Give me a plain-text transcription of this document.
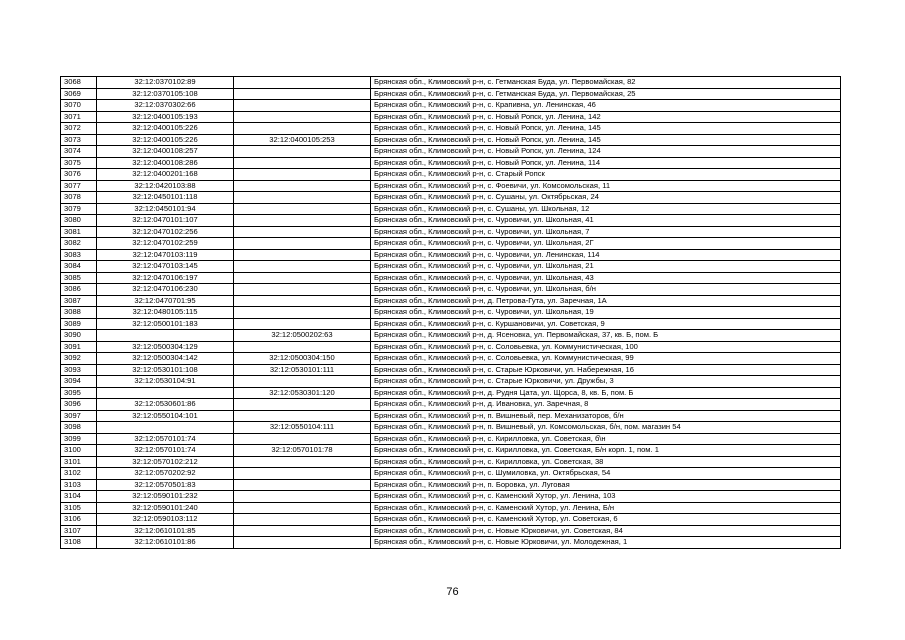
3068	32:12:0370102:89		Брянская обл., Климовский р-н, с. Гетманская Буда, ул. Первомайская, 82
3069	32:12:0370105:108		Брянская обл., Климовский р-н, с. Гетманская Буда, ул. Первомайская, 25
3070	32:12:0370302:66		Брянская обл., Климовский р-н, с. Крапивна, ул. Ленинская, 46
3071	32:12:0400105:193		Брянская обл., Климовский р-н, с. Новый Ропск, ул. Ленина, 142
3072	32:12:0400105:226		Брянская обл., Климовский р-н, с. Новый Ропск, ул. Ленина, 145
3073	32:12:0400105:226	32:12:0400105:253	Брянская обл., Климовский р-н, с. Новый Ропск, ул. Ленина, 145
3074	32:12:0400108:257		Брянская обл., Климовский р-н, с. Новый Ропск, ул. Ленина, 124
3075	32:12:0400108:286		Брянская обл., Климовский р-н, с. Новый Ропск, ул. Ленина, 114
3076	32:12:0400201:168		Брянская обл., Климовский р-н, с. Старый Ропск
3077	32:12:0420103:88		Брянская обл., Климовский р-н, с. Фоевичи, ул. Комсомольская, 11
3078	32:12:0450101:118		Брянская обл., Климовский р-н, с. Сушаны, ул. Октябрьская, 24
3079	32:12:0450101:94		Брянская обл., Климовский р-н, с. Сушаны, ул. Школьная, 12
3080	32:12:0470101:107		Брянская обл., Климовский р-н, с. Чуровичи, ул. Школьная, 41
3081	32:12:0470102:256		Брянская обл., Климовский р-н, с. Чуровичи, ул. Школьная, 7
3082	32:12:0470102:259		Брянская обл., Климовский р-н, с. Чуровичи, ул. Школьная, 2Г
3083	32:12:0470103:119		Брянская обл., Климовский р-н, с. Чуровичи, ул. Ленинская, 114
3084	32:12:0470103:145		Брянская обл., Климовский р-н, с. Чуровичи, ул. Школьная, 21
3085	32:12:0470106:197		Брянская обл., Климовский р-н, с. Чуровичи, ул. Школьная, 43
3086	32:12:0470106:230		Брянская обл., Климовский р-н, с. Чуровичи, ул. Школьная, б/н
3087	32:12:0470701:95		Брянская обл., Климовский р-н, д. Петрова-Гута, ул. Заречная, 1А
3088	32:12:0480105:115		Брянская обл., Климовский р-н, с. Чуровичи, ул. Школьная, 19
3089	32:12:0500101:183		Брянская обл., Климовский р-н, с. Куршановичи, ул. Советская, 9
3090		32:12:0500202:63	Брянская обл., Климовский р-н, д. Ясеновка, ул. Первомайская, 37, кв. Б, пом. Б
3091	32:12:0500304:129		Брянская обл., Климовский р-н, с. Соловьевка, ул. Коммунистическая, 100
3092	32:12:0500304:142	32:12:0500304:150	Брянская обл., Климовский р-н, с. Соловьевка, ул. Коммунистическая, 99
3093	32:12:0530101:108	32:12:0530101:111	Брянская обл., Климовский р-н, с. Старые Юрковичи, ул. Набережная, 16
3094	32:12:0530104:91		Брянская обл., Климовский р-н, с. Старые Юрковичи, ул. Дружбы, 3
3095		32:12:0530301:120	Брянская обл., Климовский р-н, д. Рудня Цата, ул. Щорса, 8, кв. Б, пом. Б
3096	32:12:0530601:86		Брянская обл., Климовский р-н, д. Ивановка, ул. Заречная, 8
3097	32:12:0550104:101		Брянская обл., Климовский р-н, п. Вишневый, пер. Механизаторов, б/н
3098		32:12:0550104:111	Брянская обл., Климовский р-н, п. Вишневый, ул. Комсомольская, б/н, пом. магазин 54
3099	32:12:0570101:74		Брянская обл., Климовский р-н, с. Кирилловка, ул. Советская, б\н
3100	32:12:0570101:74	32:12:0570101:78	Брянская обл., Климовский р-н, с. Кирилловка, ул. Советская, Б/н корп. 1, пом. 1
3101	32:12:0570102:212		Брянская обл., Климовский р-н, с. Кирилловка, ул. Советская, 38
3102	32:12:0570202:92		Брянская обл., Климовский р-н, с. Шумиловка, ул. Октябрьская, 54
3103	32:12:0570501:83		Брянская обл., Климовский р-н, п. Боровка, ул. Луговая
3104	32:12:0590101:232		Брянская обл., Климовский р-н, с. Каменский Хутор, ул. Ленина, 103
3105	32:12:0590101:240		Брянская обл., Климовский р-н, с. Каменский Хутор, ул. Ленина, Б/н
3106	32:12:0590103:112		Брянская обл., Климовский р-н, с. Каменский Хутор, ул. Советская, 6
3107	32:12:0610101:85		Брянская обл., Климовский р-н, с. Новые Юрковичи, ул. Советская, 84
3108	32:12:0610101:86		Брянская обл., Климовский р-н, с. Новые Юрковичи, ул. Молодежная, 1
76
